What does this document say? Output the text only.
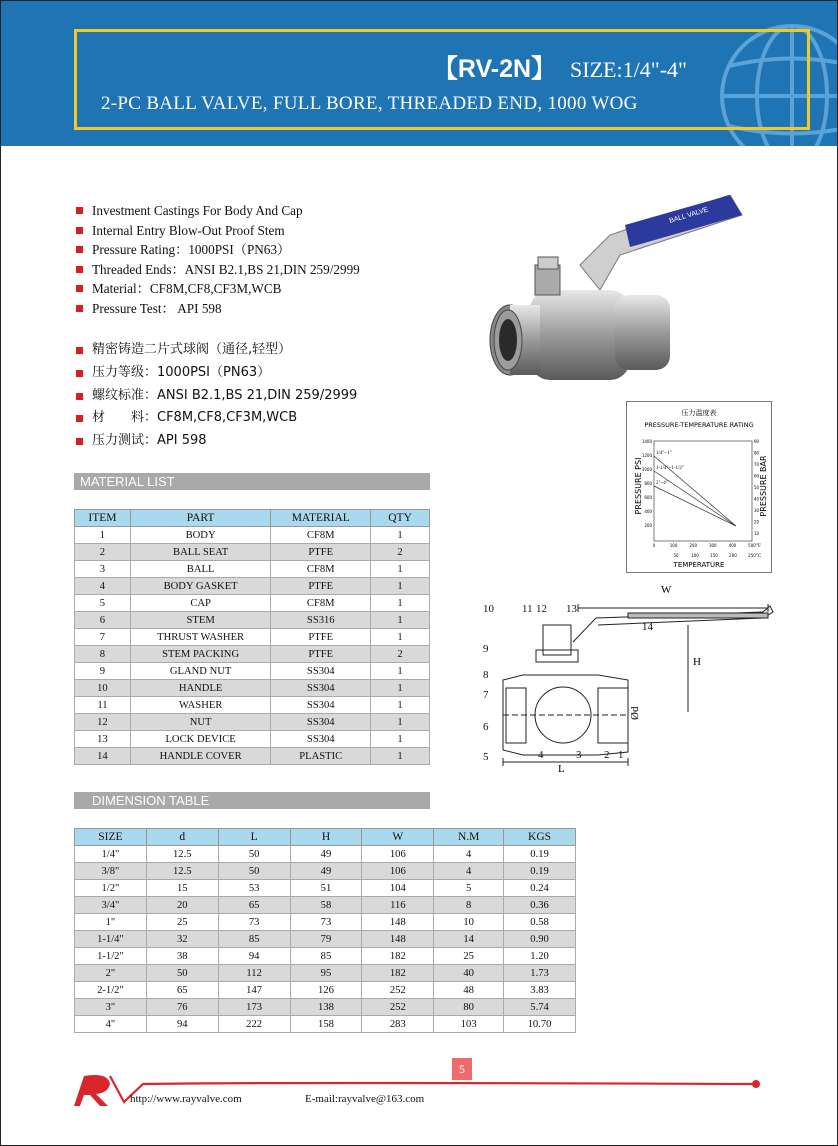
【RV-2N】 SIZE:1/4"-4"
2-PC BALL VALVE, FULL BORE, THREADED END, 1000 WOG
Investment Castings For Body And Cap
Internal Entry Blow-Out Proof Stem
Pressure Rating：1000PSI（PN63）
Threaded Ends：ANSI B2.1,BS 21,DIN 259/2999
Material：CF8M,CF8,CF3M,WCB
Pressure Test： API 598
精密铸造二片式球阀（通径,轻型）
压力等级：1000PSI（PN63）
螺纹标准：ANSI B2.1,BS 21,DIN 259/2999
材　　料：CF8M,CF8,CF3M,WCB
压力测试：API 598
BALL VALVE
压力温度表
PRESSURE-TEMPERATURE RATING
PRESSURE PSI	PRESSURE BAR
1400
1200
1000
800
600
400
200
90
80
70
60
50
40
30
20
10
0	100	200	300	400	500
50	100	150	200	250
°F
°C
1/4"~1"
1-1/4"~1-1/2"
2"~4"
TEMPERATURE
MATERIAL LIST
ITEM	PART	MATERIAL	QTY
1	BODY	CF8M	1
2	BALL SEAT	PTFE	2
3	BALL	CF8M	1
4	BODY GASKET	PTFE	1
5	CAP	CF8M	1
6	STEM	SS316	1
7	THRUST WASHER	PTFE	1
8	STEM PACKING	PTFE	2
9	GLAND NUT	SS304	1
10	HANDLE	SS304	1
11	WASHER	SS304	1
12	NUT	SS304	1
13	LOCK DEVICE	SS304	1
14	HANDLE COVER	PLASTIC	1
10	11 12 13
14
9
8
7
6
5	4	3 2 1
W
H
L
Ød
DIMENSION TABLE
SIZE	d	L	H	W	N.M	KGS
1/4"	12.5	50	49	106	4	0.19
3/8"	12.5	50	49	106	4	0.19
1/2"	15	53	51	104	5	0.24
3/4"	20	65	58	116	8	0.36
1"	25	73	73	148	10	0.58
1-1/4"	32	85	79	148	14	0.90
1-1/2"	38	94	85	182	25	1.20
2"	50	112	95	182	40	1.73
2-1/2"	65	147	126	252	48	3.83
3"	76	173	138	252	80	5.74
4"	94	222	158	283	103	10.70
5
http://www.rayvalve.com	E-mail:rayvalve@163.com
